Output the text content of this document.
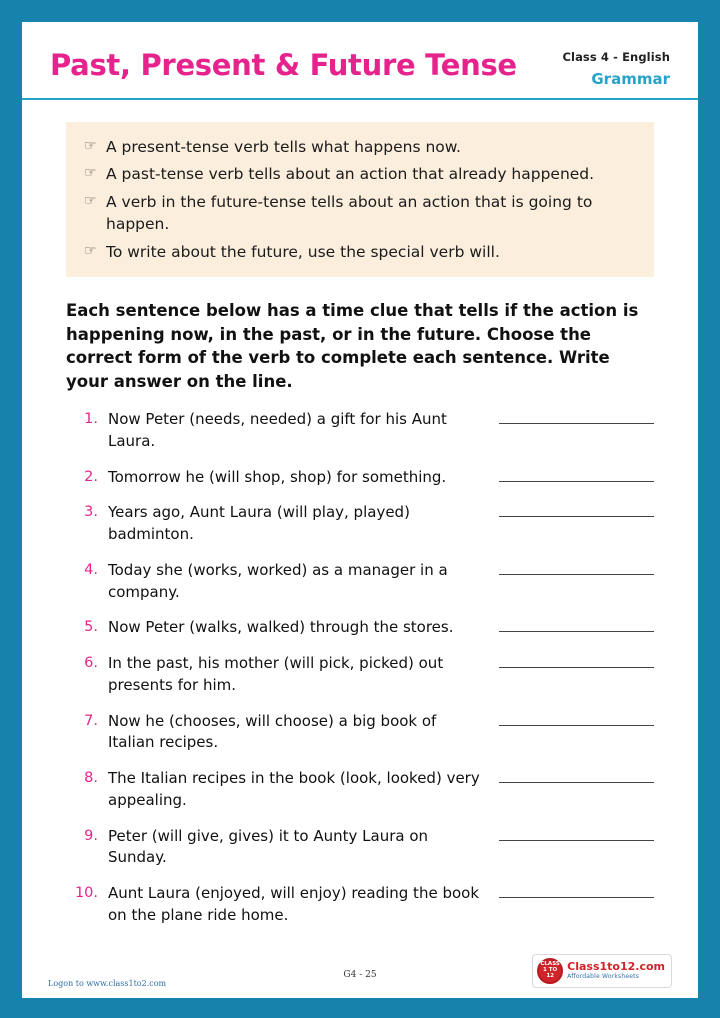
Past, Present & Future Tense	Class 4 - English
Grammar
☞ A present-tense verb tells what happens now.
☞ A past-tense verb tells about an action that already happened.
☞ A verb in the future-tense tells about an action that is going to happen.
☞ To write about the future, use the special verb will.
Each sentence below has a time clue that tells if the action is happening now, in the past, or in the future. Choose the correct form of the verb to complete each sentence. Write your answer on the line.
1. Now Peter (needs, needed) a gift for his Aunt Laura.
2. Tomorrow he (will shop, shop) for something.
3. Years ago, Aunt Laura (will play, played) badminton.
4. Today she (works, worked) as a manager in a company.
5. Now Peter (walks, walked) through the stores.
6. In the past, his mother (will pick, picked) out presents for him.
7. Now he (chooses, will choose) a big book of Italian recipes.
8. The Italian recipes in the book (look, looked) very appealing.
9. Peter (will give, gives) it to Aunty Laura on Sunday.
10. Aunt Laura (enjoyed, will enjoy) reading the book on the plane ride home.
Logon to www.class1to2.com
G4 - 25
CLASS 1 TO 12
Class1to12.com
Affordable Worksheets
